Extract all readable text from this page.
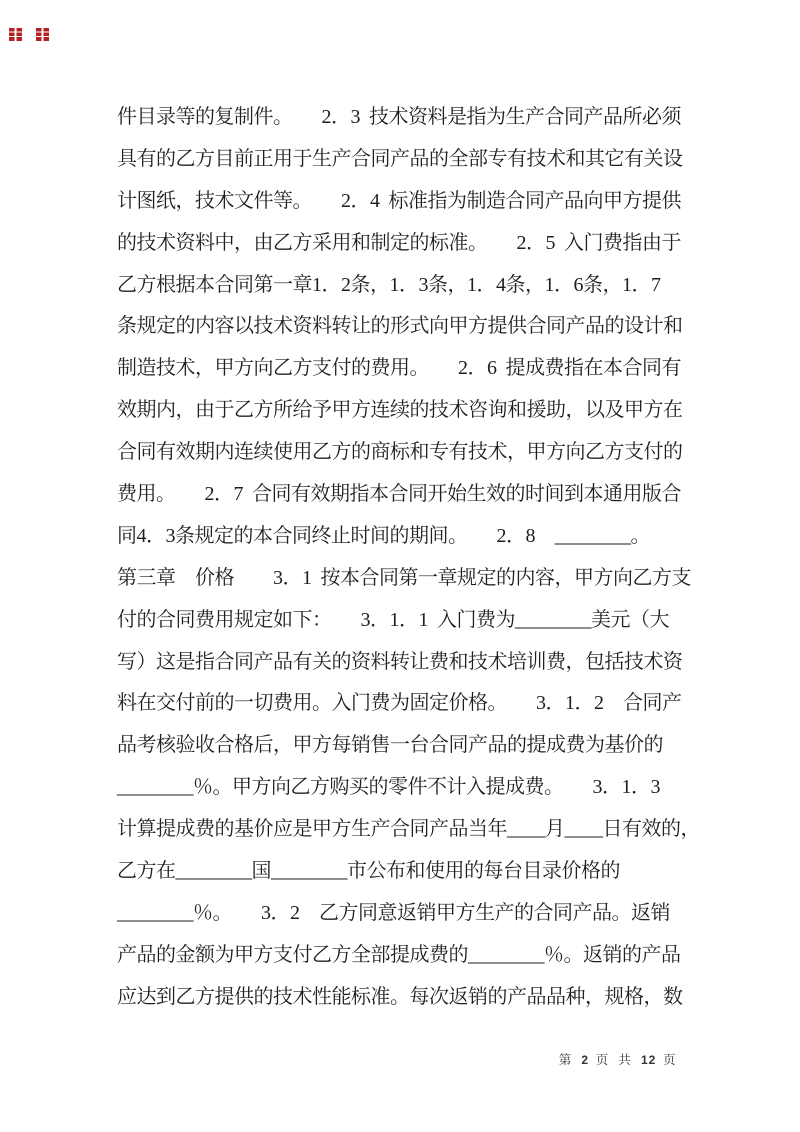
件目录等的复制件。　　2．3  技术资料是指为生产合同产品所必须
具有的乙方目前正用于生产合同产品的全部专有技术和其它有关设
计图纸，技术文件等。　　2．4  标准指为制造合同产品向甲方提供
的技术资料中，由乙方采用和制定的标准。　　2．5  入门费指由于
乙方根据本合同第一章1．2条，1．3条，1．4条，1．6条，1．7
条规定的内容以技术资料转让的形式向甲方提供合同产品的设计和
制造技术，甲方向乙方支付的费用。　　2．6  提成费指在本合同有
效期内，由于乙方所给予甲方连续的技术咨询和援助，以及甲方在
合同有效期内连续使用乙方的商标和专有技术，甲方向乙方支付的
费用。　　2．7  合同有效期指本合同开始生效的时间到本通用版合
同4．3条规定的本合同终止时间的期间。　　2．8　________。
第三章　价格　　3．1  按本合同第一章规定的内容，甲方向乙方支
付的合同费用规定如下：　　3．1．1  入门费为________美元（大
写）这是指合同产品有关的资料转让费和技术培训费，包括技术资
料在交付前的一切费用。入门费为固定价格。　　3．1．2　合同产
品考核验收合格后，甲方每销售一台合同产品的提成费为基价的
________％。甲方向乙方购买的零件不计入提成费。　　3．1．3
计算提成费的基价应是甲方生产合同产品当年____月____日有效的，
乙方在________国________市公布和使用的每台目录价格的
________％。　　3．2　乙方同意返销甲方生产的合同产品。返销
产品的金额为甲方支付乙方全部提成费的________％。返销的产品
应达到乙方提供的技术性能标准。每次返销的产品品种，规格，数
第 2 页 共 12 页
